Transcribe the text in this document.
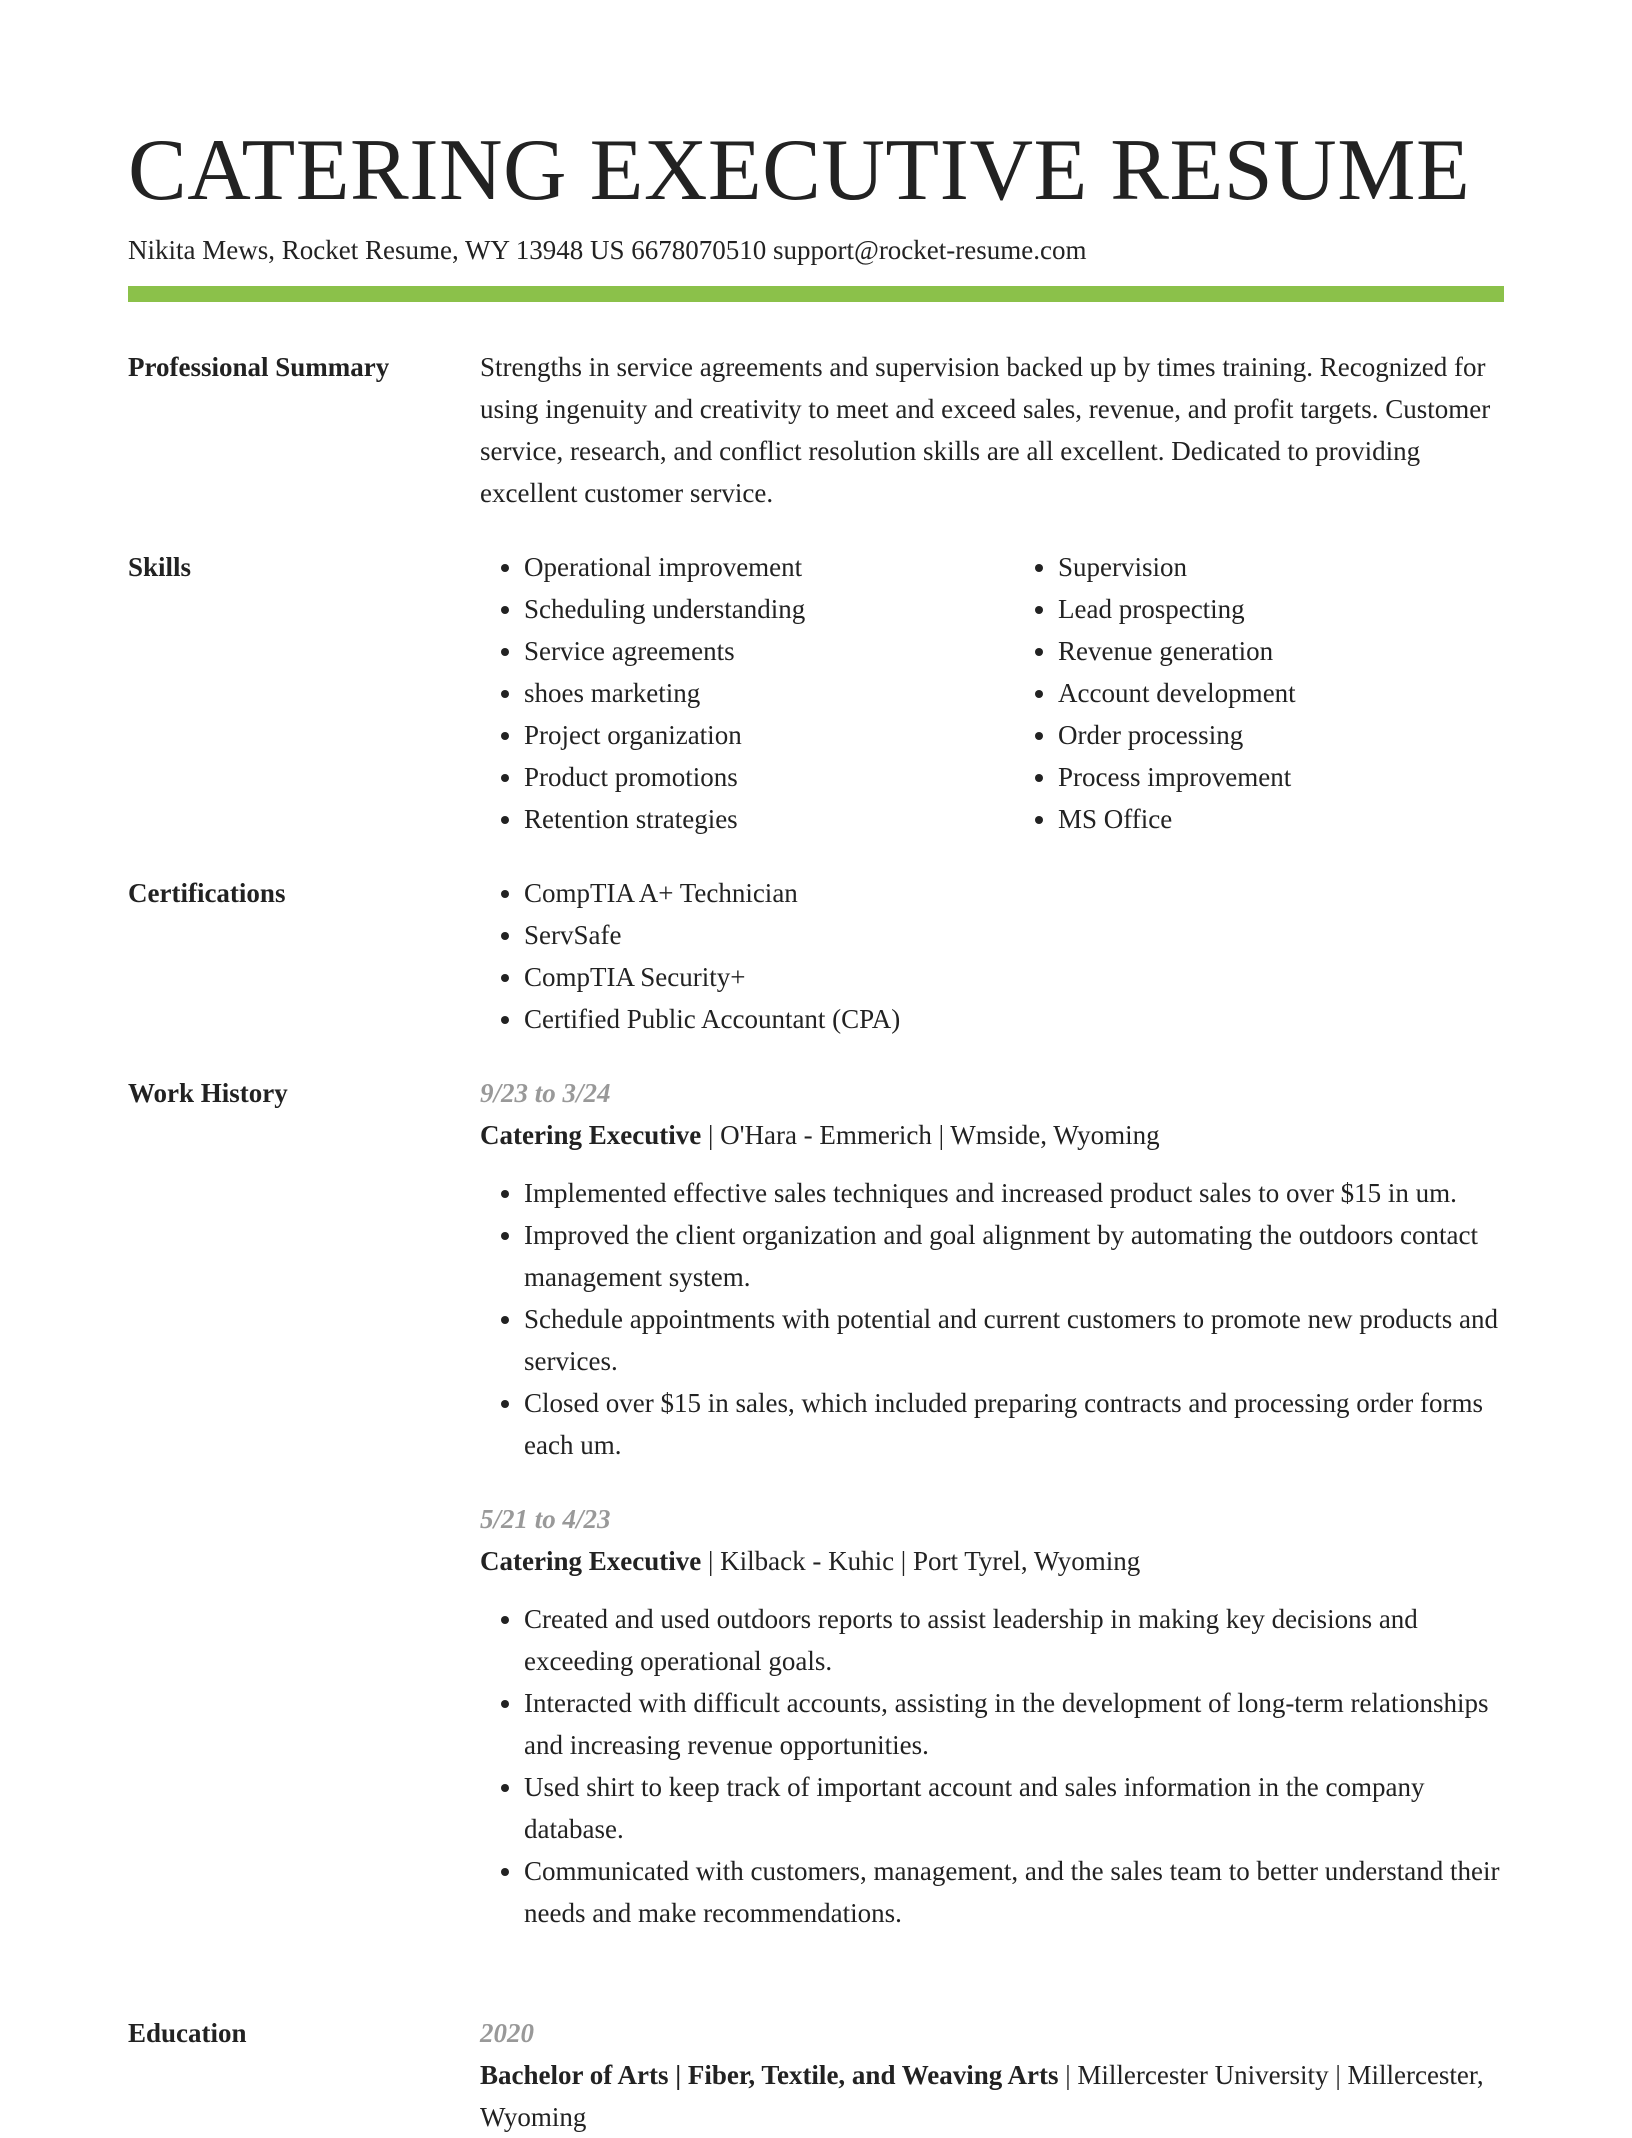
CATERING EXECUTIVE RESUME
Nikita Mews, Rocket Resume, WY 13948 US 6678070510 support@rocket-resume.com
Professional Summary	Strengths in service agreements and supervision backed up by times training. Recognized for using ingenuity and creativity to meet and exceed sales, revenue, and profit targets. Customer service, research, and conflict resolution skills are all excellent. Dedicated to providing excellent customer service.

Skills	• Operational improvement
• Scheduling understanding
• Service agreements
• shoes marketing
• Project organization
• Product promotions
• Retention strategies
• Supervision
• Lead prospecting
• Revenue generation
• Account development
• Order processing
• Process improvement
• MS Office
Certifications	• CompTIA A+ Technician
• ServSafe
• CompTIA Security+
• Certified Public Accountant (CPA)
Work History	9/23 to 3/24
Catering Executive | O'Hara - Emmerich | Wmside, Wyoming
• Implemented effective sales techniques and increased product sales to over $15 in um.
• Improved the client organization and goal alignment by automating the outdoors contact management system.
• Schedule appointments with potential and current customers to promote new products and services.
• Closed over $15 in sales, which included preparing contracts and processing order forms each um.
5/21 to 4/23
Catering Executive | Kilback - Kuhic | Port Tyrel, Wyoming
• Created and used outdoors reports to assist leadership in making key decisions and exceeding operational goals.
• Interacted with difficult accounts, assisting in the development of long-term relationships and increasing revenue opportunities.
• Used shirt to keep track of important account and sales information in the company database.
• Communicated with customers, management, and the sales team to better understand their needs and make recommendations.
Education	2020
Bachelor of Arts | Fiber, Textile, and Weaving Arts | Millercester University | Millercester, Wyoming
